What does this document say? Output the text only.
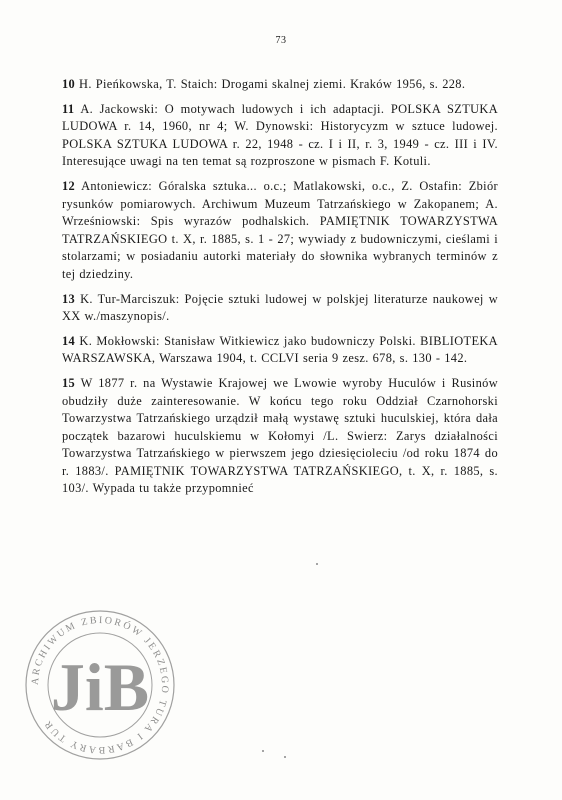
73

10 H. Pieńkowska, T. Staich: Drogami skalnej ziemi. Kraków 1956, s. 228.

11 A. Jackowski: O motywach ludowych i ich adaptacji. POLSKA SZTUKA LUDOWA r. 14, 1960, nr 4; W. Dynowski: Historycyzm w sztuce ludowej. POLSKA SZTUKA LUDOWA r. 22, 1948 - cz. I i II, r. 3, 1949 - cz. III i IV. Interesujące uwagi na ten temat są rozproszone w pismach F. Kotuli.

12 Antoniewicz: Góralska sztuka... o.c.; Matlakowski, o.c., Z. Ostafin: Zbiór rysunków pomiarowych. Archiwum Muzeum Tatrzańskiego w Zakopanem; A. Wrześniowski: Spis wyrazów podhalskich. PAMIĘTNIK TOWARZYSTWA TATRZAŃSKIEGO t. X, r. 1885, s. 1 - 27; wywiady z budowniczymi, cieślami i stolarzami; w posiadaniu autorki materiały do słownika wybranych terminów z tej dziedziny.

13 K. Tur-Marciszuk: Pojęcie sztuki ludowej w polskjej literaturze naukowej w XX w./maszynopis/.

14 K. Mokłowski: Stanisław Witkiewicz jako budowniczy Polski. BIBLIOTEKA WARSZAWSKA, Warszawa 1904, t. CCLVI seria 9 zesz. 678, s. 130 - 142.

15 W 1877 r. na Wystawie Krajowej we Lwowie wyroby Huculów i Rusinów obudziły duże zainteresowanie. W końcu tego roku Oddział Czarnohorski Towarzystwa Tatrzańskiego urządził małą wystawę sztuki huculskiej, która dała początek bazarowi huculskiemu w Kołomyi /L. Swierz: Zarys działalności Towarzystwa Tatrzańskiego w pierwszem jego dziesięcioleciu /od roku 1874 do r. 1883/. PAMIĘTNIK TOWARZYSTWA TATRZAŃSKIEGO, t. X, r. 1885, s. 103/. Wypada tu także przypomnieć

ARCHIWUM ZBIORÓW JERZEGO TURA I BARBARY TUR
JiB
